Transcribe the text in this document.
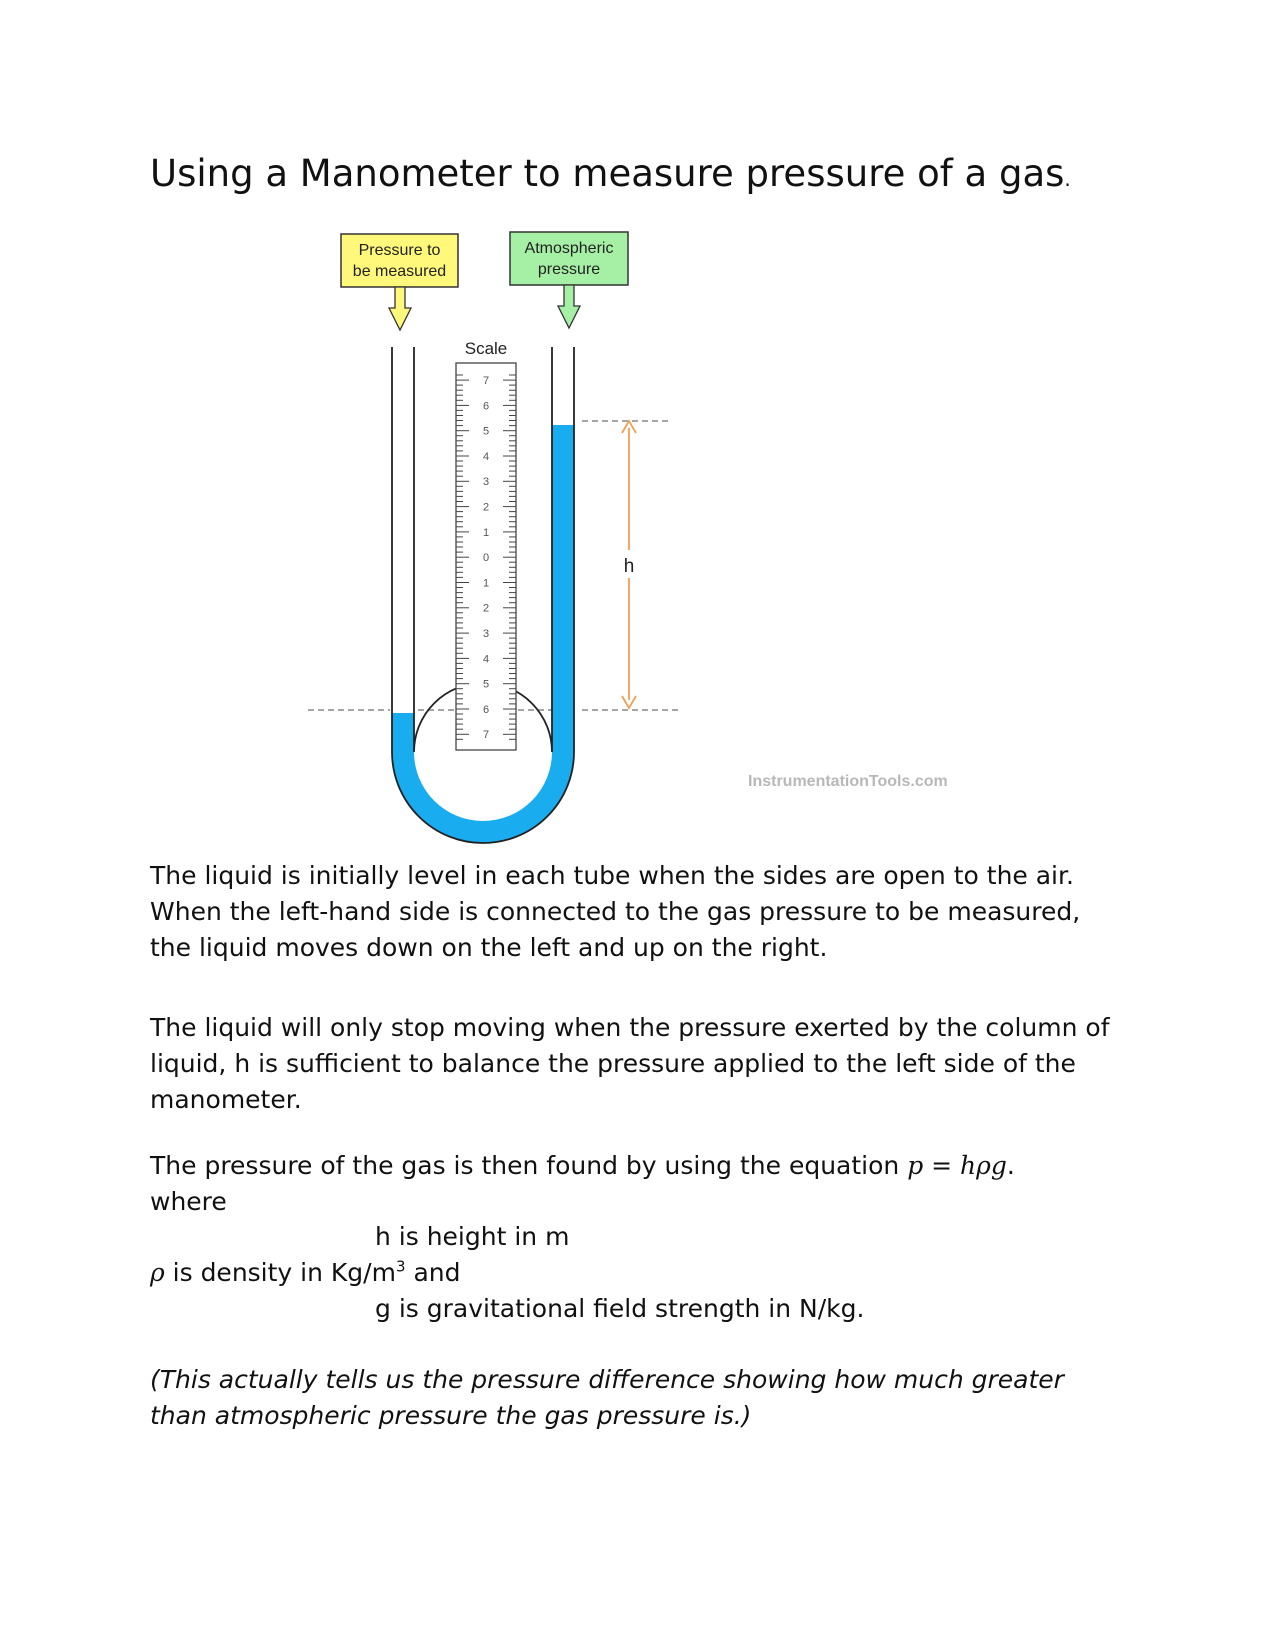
Using a Manometer to measure pressure of a gas.
Pressure to
be measured
Atmospheric
pressure
Scale
7
6
5
4
3
2
1
0
1
2
3
4
5
6
7
h
InstrumentationTools.com

The liquid is initially level in each tube when the sides are open to the air. When the left-hand side is connected to the gas pressure to be measured, the liquid moves down on the left and up on the right.

The liquid will only stop moving when the pressure exerted by the column of liquid, h is sufficient to balance the pressure applied to the left side of the manometer.

The pressure of the gas is then found by using the equation p = hρg.

where

h is height in m

ρ is density in $Kg/m^3$ and

g is gravitational field strength in N/kg.

(This actually tells us the pressure difference showing how much greater than atmospheric pressure the gas pressure is.)
